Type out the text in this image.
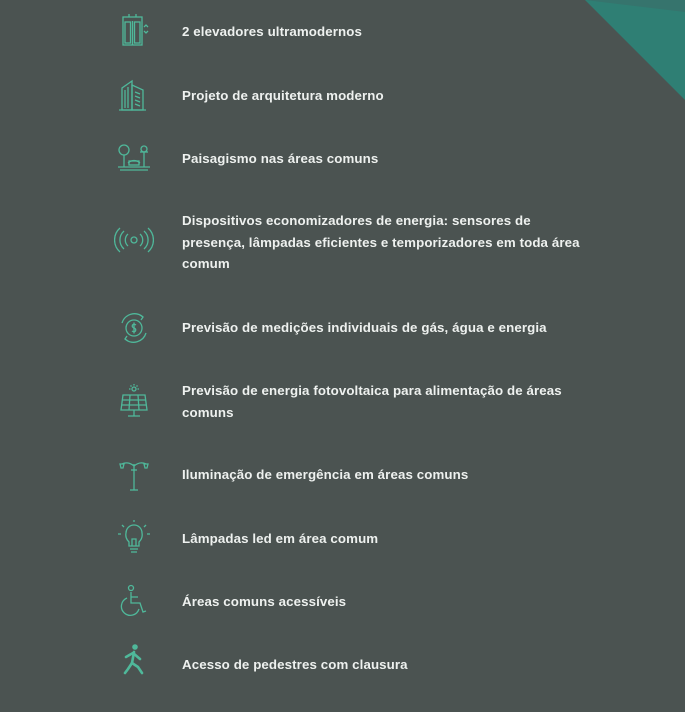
2 elevadores ultramodernos
Projeto de arquitetura moderno
Paisagismo nas áreas comuns
Dispositivos economizadores de energia: sensores de presença, lâmpadas eficientes e temporizadores em toda área comum
Previsão de medições individuais de gás, água e energia
Previsão de energia fotovoltaica para alimentação de áreas comuns
Iluminação de emergência em áreas comuns
Lâmpadas led em área comum
Áreas comuns acessíveis
Acesso de pedestres com clausura
